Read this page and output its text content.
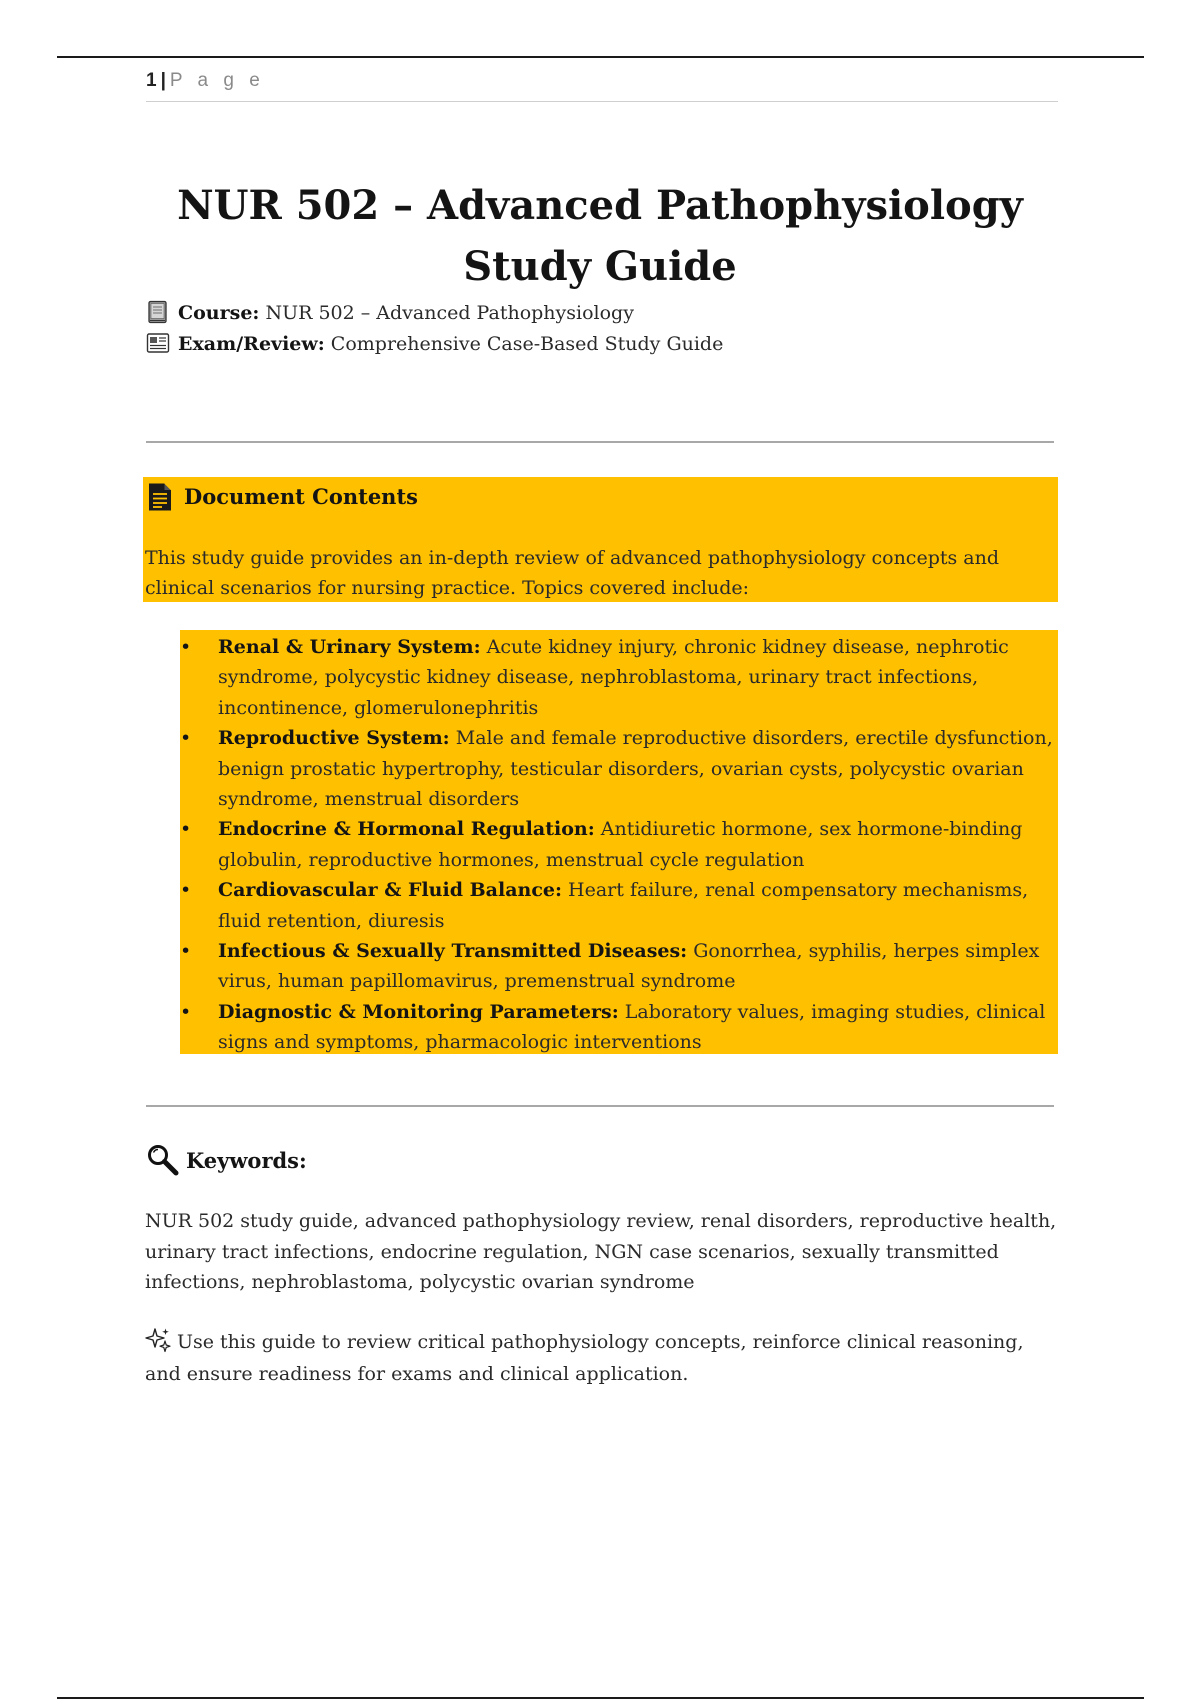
1 | P a g e
NUR 502 – Advanced Pathophysiology Study Guide
Course: NUR 502 – Advanced Pathophysiology
Exam/Review: Comprehensive Case-Based Study Guide
Document Contents

This study guide provides an in-depth review of advanced pathophysiology concepts and clinical scenarios for nursing practice. Topics covered include:

• Renal & Urinary System: Acute kidney injury, chronic kidney disease, nephrotic syndrome, polycystic kidney disease, nephroblastoma, urinary tract infections, incontinence, glomerulonephritis
• Reproductive System: Male and female reproductive disorders, erectile dysfunction, benign prostatic hypertrophy, testicular disorders, ovarian cysts, polycystic ovarian syndrome, menstrual disorders
• Endocrine & Hormonal Regulation: Antidiuretic hormone, sex hormone-binding globulin, reproductive hormones, menstrual cycle regulation
• Cardiovascular & Fluid Balance: Heart failure, renal compensatory mechanisms, fluid retention, diuresis
• Infectious & Sexually Transmitted Diseases: Gonorrhea, syphilis, herpes simplex virus, human papillomavirus, premenstrual syndrome
• Diagnostic & Monitoring Parameters: Laboratory values, imaging studies, clinical signs and symptoms, pharmacologic interventions
Keywords:

NUR 502 study guide, advanced pathophysiology review, renal disorders, reproductive health, urinary tract infections, endocrine regulation, NGN case scenarios, sexually transmitted infections, nephroblastoma, polycystic ovarian syndrome

Use this guide to review critical pathophysiology concepts, reinforce clinical reasoning, and ensure readiness for exams and clinical application.
